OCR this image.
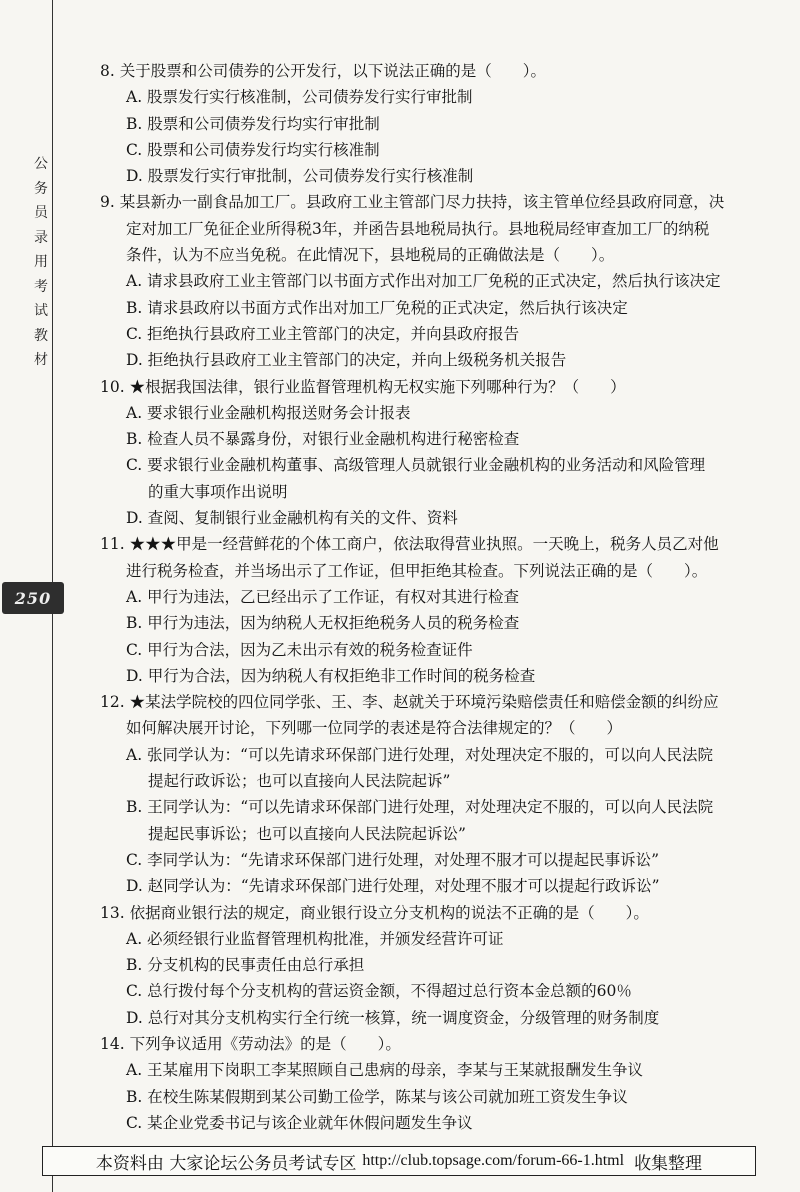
公
务
员
录
用
考
试
教
材
250
8. 关于股票和公司债券的公开发行，以下说法正确的是（　　）。
A. 股票发行实行核准制，公司债券发行实行审批制
B. 股票和公司债券发行均实行审批制
C. 股票和公司债券发行均实行核准制
D. 股票发行实行审批制，公司债券发行实行核准制
9. 某县新办一副食品加工厂。县政府工业主管部门尽力扶持，该主管单位经县政府同意，决
定对加工厂免征企业所得税3年，并函告县地税局执行。县地税局经审查加工厂的纳税
条件，认为不应当免税。在此情况下，县地税局的正确做法是（　　）。
A. 请求县政府工业主管部门以书面方式作出对加工厂免税的正式决定，然后执行该决定
B. 请求县政府以书面方式作出对加工厂免税的正式决定，然后执行该决定
C. 拒绝执行县政府工业主管部门的决定，并向县政府报告
D. 拒绝执行县政府工业主管部门的决定，并向上级税务机关报告
10. ★根据我国法律，银行业监督管理机构无权实施下列哪种行为？（　　）
A. 要求银行业金融机构报送财务会计报表
B. 检查人员不暴露身份，对银行业金融机构进行秘密检查
C. 要求银行业金融机构董事、高级管理人员就银行业金融机构的业务活动和风险管理
的重大事项作出说明
D. 查阅、复制银行业金融机构有关的文件、资料
11. ★★★甲是一经营鲜花的个体工商户，依法取得营业执照。一天晚上，税务人员乙对他
进行税务检查，并当场出示了工作证，但甲拒绝其检查。下列说法正确的是（　　）。
A. 甲行为违法，乙已经出示了工作证，有权对其进行检查
B. 甲行为违法，因为纳税人无权拒绝税务人员的税务检查
C. 甲行为合法，因为乙未出示有效的税务检查证件
D. 甲行为合法，因为纳税人有权拒绝非工作时间的税务检查
12. ★某法学院校的四位同学张、王、李、赵就关于环境污染赔偿责任和赔偿金额的纠纷应
如何解决展开讨论，下列哪一位同学的表述是符合法律规定的？（　　）
A. 张同学认为：“可以先请求环保部门进行处理，对处理决定不服的，可以向人民法院
提起行政诉讼；也可以直接向人民法院起诉”
B. 王同学认为：“可以先请求环保部门进行处理，对处理决定不服的，可以向人民法院
提起民事诉讼；也可以直接向人民法院起诉讼”
C. 李同学认为：“先请求环保部门进行处理，对处理不服才可以提起民事诉讼”
D. 赵同学认为：“先请求环保部门进行处理，对处理不服才可以提起行政诉讼”
13. 依据商业银行法的规定，商业银行设立分支机构的说法不正确的是（　　）。
A. 必须经银行业监督管理机构批准，并颁发经营许可证
B. 分支机构的民事责任由总行承担
C. 总行拨付每个分支机构的营运资金额，不得超过总行资本金总额的60％
D. 总行对其分支机构实行全行统一核算，统一调度资金，分级管理的财务制度
14. 下列争议适用《劳动法》的是（　　）。
A. 王某雇用下岗职工李某照顾自己患病的母亲，李某与王某就报酬发生争议
B. 在校生陈某假期到某公司勤工俭学，陈某与该公司就加班工资发生争议
C. 某企业党委书记与该企业就年休假问题发生争议
本资料由 大家论坛公务员考试专区 http://club.topsage.com/forum-66-1.html 收集整理
